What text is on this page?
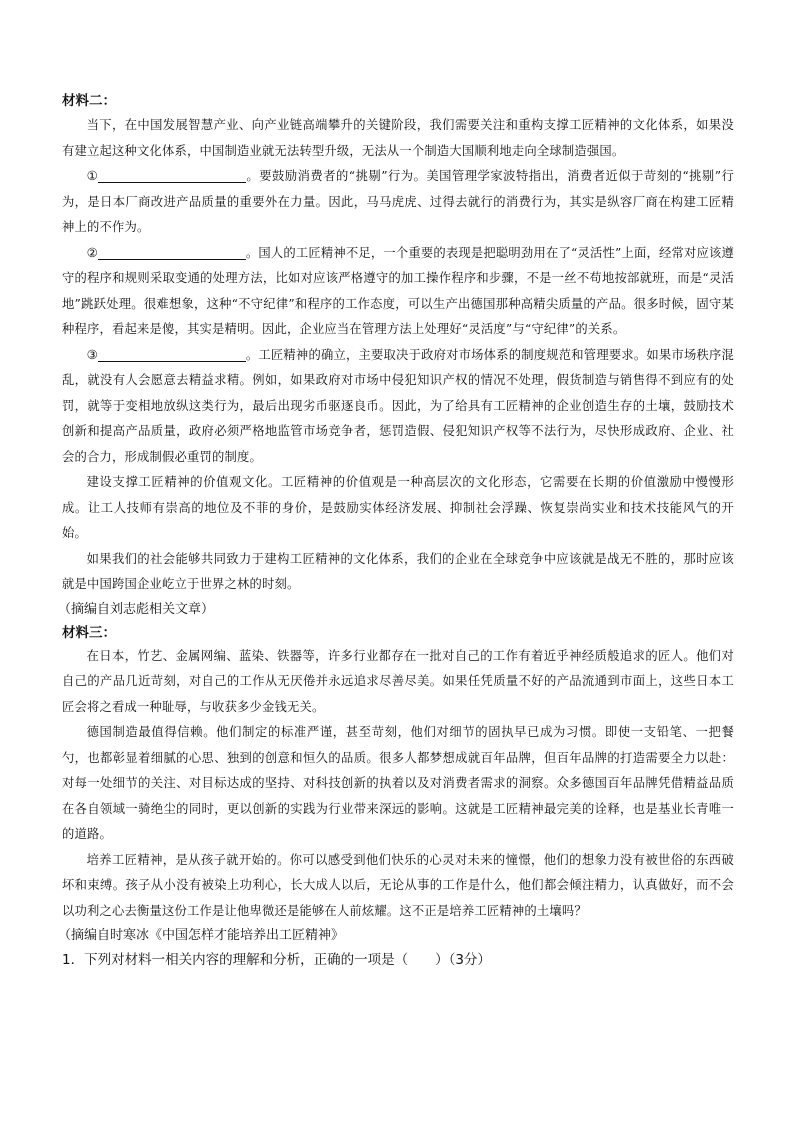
材料二：

当下，在中国发展智慧产业、向产业链高端攀升的关键阶段，我们需要关注和重构支撑工匠精神的文化体系，如果没有建立起这种文化体系，中国制造业就无法转型升级，无法从一个制造大国顺利地走向全球制造强国。

①	。要鼓励消费者的“挑剔”行为。美国管理学家波特指出，消费者近似于苛刻的“挑剔”行为，是日本厂商改进产品质量的重要外在力量。因此，马马虎虎、过得去就行的消费行为，其实是纵容厂商在构建工匠精神上的不作为。

②	。国人的工匠精神不足，一个重要的表现是把聪明劲用在了“灵活性”上面，经常对应该遵守的程序和规则采取变通的处理方法，比如对应该严格遵守的加工操作程序和步骤，不是一丝不苟地按部就班，而是“灵活地”跳跃处理。很难想象，这种“不守纪律”和程序的工作态度，可以生产出德国那种高精尖质量的产品。很多时候，固守某种程序，看起来是傻，其实是精明。因此，企业应当在管理方法上处理好“灵活度”与“守纪律”的关系。

③	。工匠精神的确立，主要取决于政府对市场体系的制度规范和管理要求。如果市场秩序混乱，就没有人会愿意去精益求精。例如，如果政府对市场中侵犯知识产权的情况不处理，假货制造与销售得不到应有的处罚，就等于变相地放纵这类行为，最后出现劣币驱逐良币。因此，为了给具有工匠精神的企业创造生存的土壤，鼓励技术创新和提高产品质量，政府必须严格地监管市场竞争者，惩罚造假、侵犯知识产权等不法行为，尽快形成政府、企业、社会的合力，形成制假必重罚的制度。

建设支撑工匠精神的价值观文化。工匠精神的价值观是一种高层次的文化形态，它需要在长期的价值激励中慢慢形成。让工人技师有崇高的地位及不菲的身价，是鼓励实体经济发展、抑制社会浮躁、恢复崇尚实业和技术技能风气的开始。

如果我们的社会能够共同致力于建构工匠精神的文化体系，我们的企业在全球竞争中应该就是战无不胜的，那时应该就是中国跨国企业屹立于世界之林的时刻。

（摘编自刘志彪相关文章）

材料三：

在日本，竹艺、金属网编、蓝染、铁器等，许多行业都存在一批对自己的工作有着近乎神经质般追求的匠人。他们对自己的产品几近苛刻，对自己的工作从无厌倦并永远追求尽善尽美。如果任凭质量不好的产品流通到市面上，这些日本工匠会将之看成一种耻辱，与收获多少金钱无关。

德国制造最值得信赖。他们制定的标准严谨，甚至苛刻，他们对细节的固执早已成为习惯。即使一支铅笔、一把餐勺，也都彰显着细腻的心思、独到的创意和恒久的品质。很多人都梦想成就百年品牌，但百年品牌的打造需要全力以赴：对每一处细节的关注、对目标达成的坚持、对科技创新的执着以及对消费者需求的洞察。众多德国百年品牌凭借精益品质在各自领域一骑绝尘的同时，更以创新的实践为行业带来深远的影响。这就是工匠精神最完美的诠释，也是基业长青唯一的道路。

培养工匠精神，是从孩子就开始的。你可以感受到他们快乐的心灵对未来的憧憬，他们的想象力没有被世俗的东西破坏和束缚。孩子从小没有被染上功利心，长大成人以后，无论从事的工作是什么，他们都会倾注精力，认真做好，而不会以功利之心去衡量这份工作是让他卑微还是能够在人前炫耀。这不正是培养工匠精神的土壤吗？

（摘编自时寒冰《中国怎样才能培养出工匠精神》

1．下列对材料一相关内容的理解和分析，正确的一项是（　　）（3分）
